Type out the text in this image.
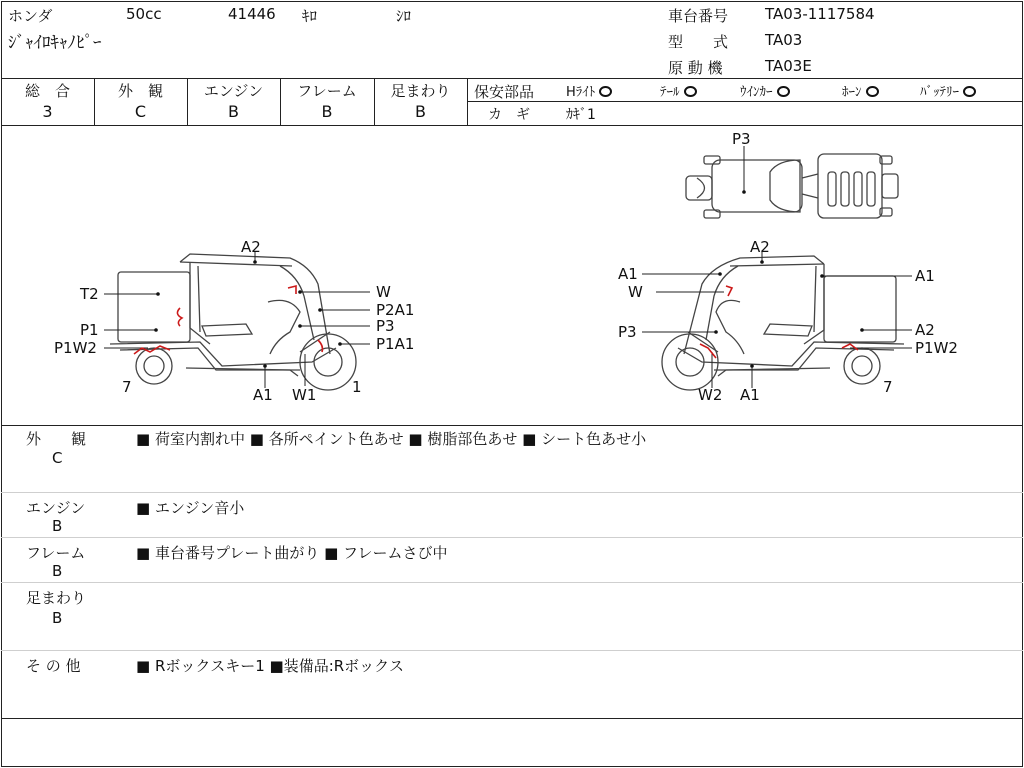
ホンダ	50cc	41446 ｷﾛ	ｼﾛ
ｼﾞｬｲﾛｷｬﾉﾋﾟｰ
車台番号 TA03-1117584
型　　式 TA03
原 動 機	TA03E
総　合
3
外　観
C
エンジン
B
フレーム
B
足まわり
B
保安部品 Hﾗｲﾄ	ﾃｰﾙ	ｳｲﾝｶｰ	ﾎｰﾝ	ﾊﾞｯﾃﾘｰ
カ　ギ	ｶｷﾞ1
P3
A2
T2	W
P2A1
P1	P3
P1W2	P1A1
7	A1 W1 1
A2
A1	A1
W
P3	A2
P1W2
W2 A1	7
外　　観
C
■ 荷室内割れ中 ■ 各所ペイント色あせ ■ 樹脂部色あせ ■ シート色あせ小
エンジン
B
■ エンジン音小
フレーム
B
■ 車台番号プレート曲がり ■ フレームさび中
足まわり
B
そ の 他	■ Rボックスキー1 ■装備品:Rボックス
